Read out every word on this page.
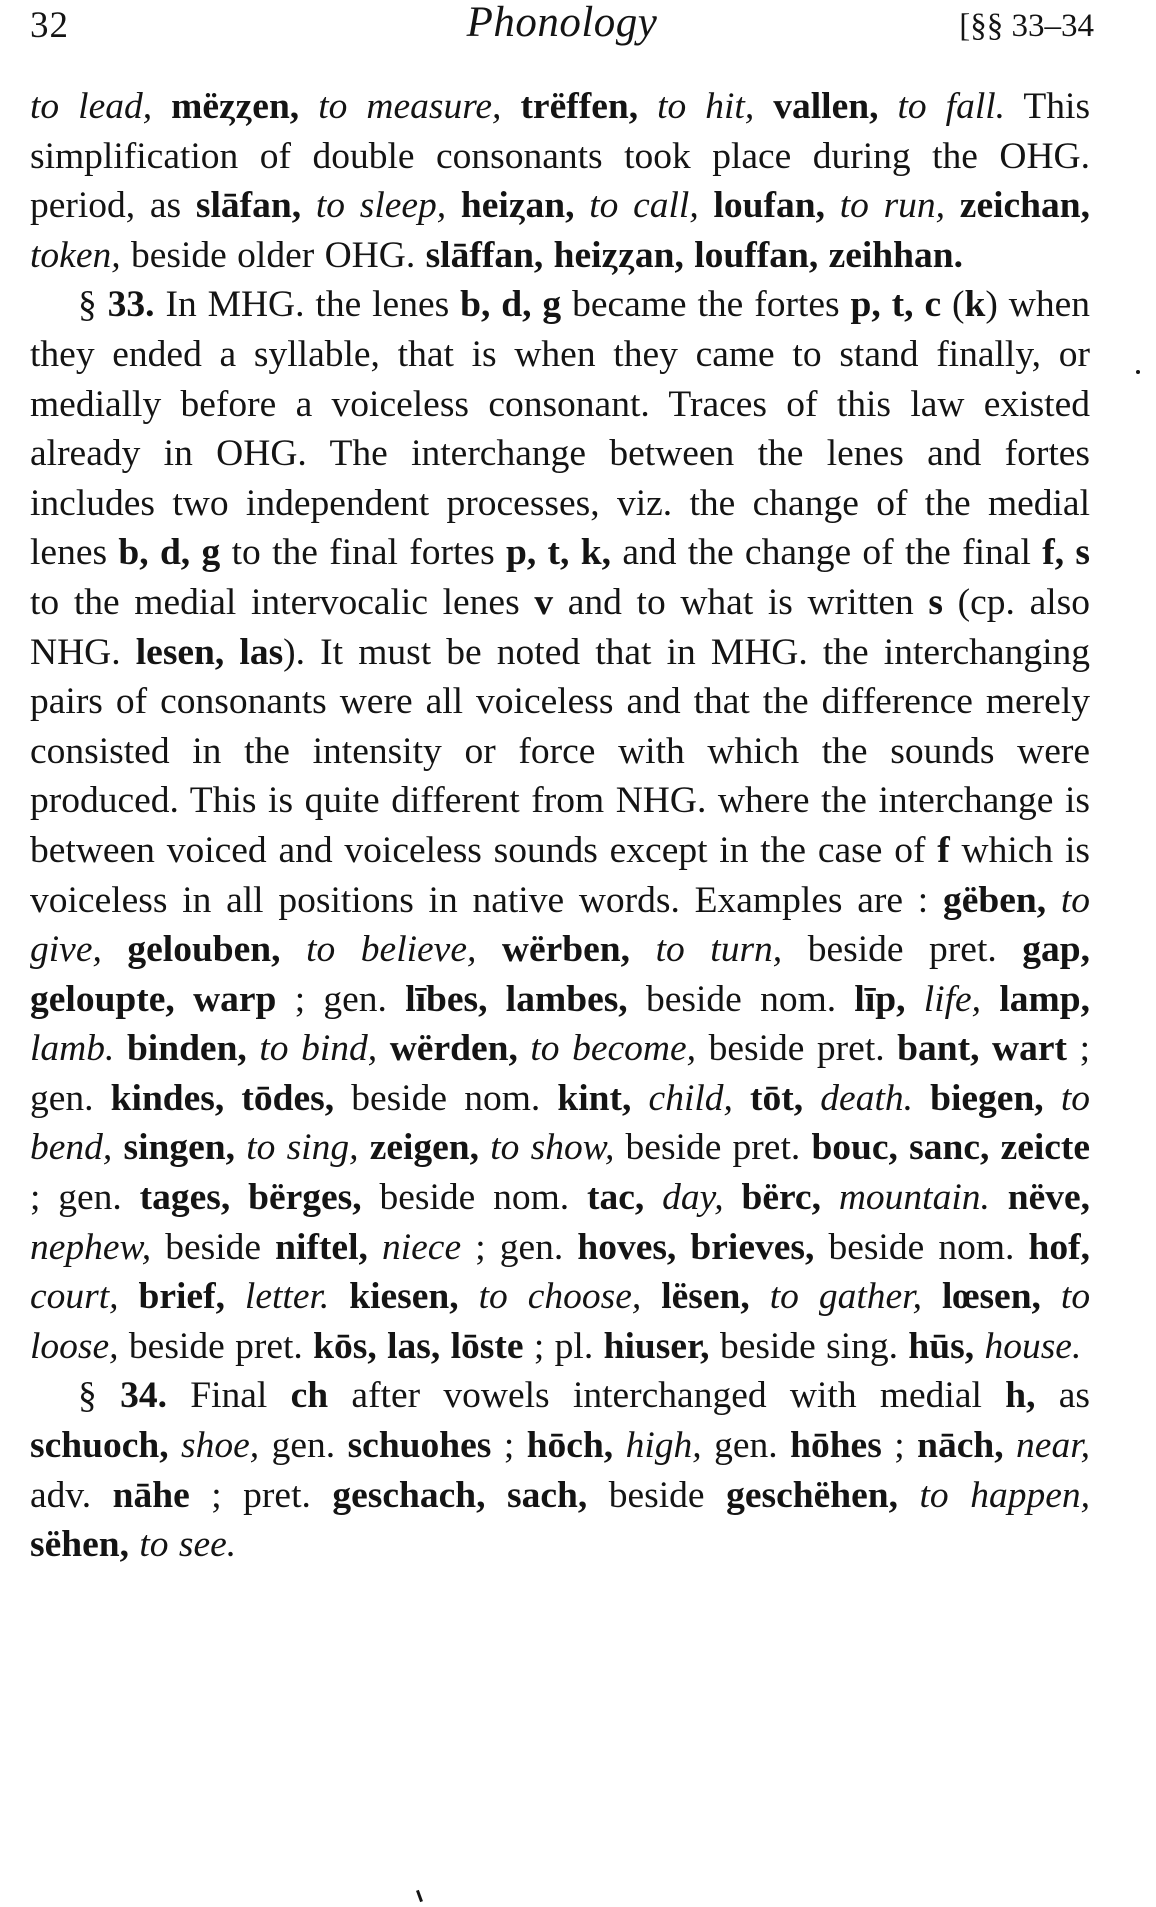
32	Phonology	[§§ 33–34

to lead, mëȥȥen, to measure, trëffen, to hit, vallen, to fall. This simplification of double consonants took place during the OHG. period, as slāfan, to sleep, heiȥan, to call, loufan, to run, zeichan, token, beside older OHG. slāffan, heiȥȥan, louffan, zeihhan.

§ 33. In MHG. the lenes b, d, g became the fortes p, t, c (k) when they ended a syllable, that is when they came to stand finally, or medially before a voiceless consonant. Traces of this law existed already in OHG. The interchange between the lenes and fortes includes two independent processes, viz. the change of the medial lenes b, d, g to the final fortes p, t, k, and the change of the final f, s to the medial intervocalic lenes v and to what is written s (cp. also NHG. lesen, las). It must be noted that in MHG. the interchanging pairs of consonants were all voiceless and that the difference merely consisted in the intensity or force with which the sounds were produced. This is quite different from NHG. where the interchange is between voiced and voiceless sounds except in the case of f which is voiceless in all positions in native words. Examples are : gëben, to give, gelouben, to believe, wërben, to turn, beside pret. gap, geloupte, warp ; gen. lībes, lambes, beside nom. līp, life, lamp, lamb. binden, to bind, wërden, to become, beside pret. bant, wart ; gen. kindes, tōdes, beside nom. kint, child, tōt, death. biegen, to bend, singen, to sing, zeigen, to show, beside pret. bouc, sanc, zeicte ; gen. tages, bërges, beside nom. tac, day, bërc, mountain. nëve, nephew, beside niftel, niece ; gen. hoves, brieves, beside nom. hof, court, brief, letter. kiesen, to choose, lësen, to gather, lœsen, to loose, beside pret. kōs, las, lōste ; pl. hiuser, beside sing. hūs, house.

§ 34. Final ch after vowels interchanged with medial h, as schuoch, shoe, gen. schuohes ; hōch, high, gen. hōhes ; nāch, near, adv. nāhe ; pret. geschach, sach, beside geschëhen, to happen, sëhen, to see.
